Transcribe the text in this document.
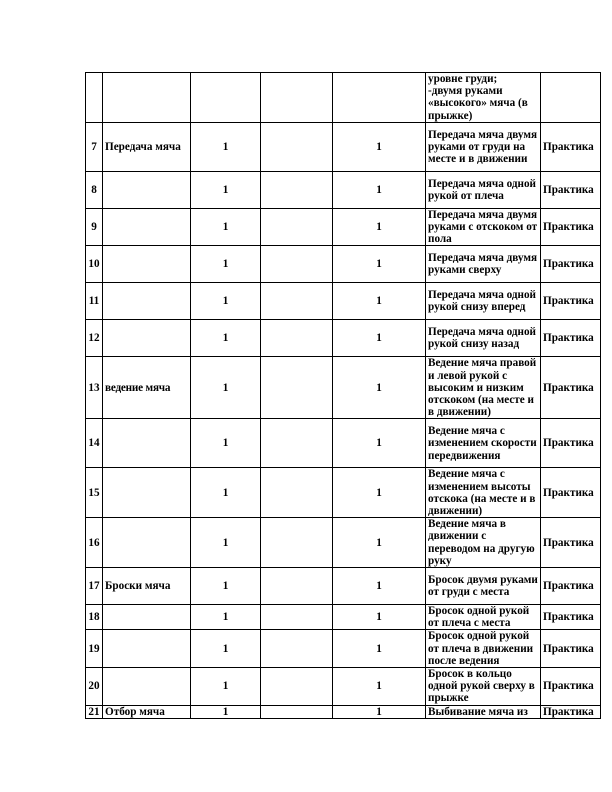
					уровне груди;
-двумя руками «высокого» мяча (в прыжке)	
7	Передача мяча	1		1	Передача мяча двумя руками от груди на месте и в движении	Практика
8		1		1	Передача мяча одной рукой от плеча	Практика
9		1		1	Передача мяча двумя руками с отскоком от пола	Практика
10		1		1	Передача мяча двумя руками сверху	Практика
11		1		1	Передача мяча одной рукой снизу вперед	Практика
12		1		1	Передача мяча одной рукой снизу назад	Практика
13	ведение мяча	1		1	Ведение мяча правой и левой рукой с высоким и низким отскоком (на месте и в движении)	Практика
14		1		1	Ведение мяча с изменением скорости передвижения	Практика
15		1		1	Ведение мяча с изменением высоты отскока (на месте и в движении)	Практика
16		1		1	Ведение мяча в движении с переводом на другую руку	Практика
17	Броски мяча	1		1	Бросок двумя руками от груди с места	Практика
18		1		1	Бросок одной рукой от плеча с места	Практика
19		1		1	Бросок одной рукой от плеча в движении после ведения	Практика
20		1		1	Бросок в кольцо одной рукой сверху в прыжке	Практика
21	Отбор мяча	1		1	Выбивание мяча из	Практика
